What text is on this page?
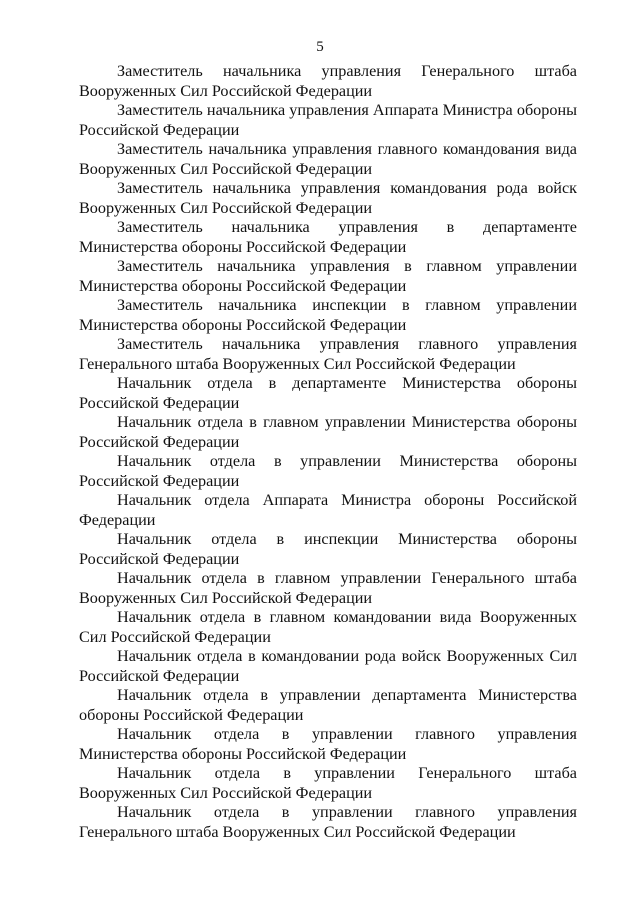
5

Заместитель начальника управления Генерального штаба Вооруженных Сил Российской Федерации

Заместитель начальника управления Аппарата Министра обороны Российской Федерации

Заместитель начальника управления главного командования вида Вооруженных Сил Российской Федерации

Заместитель начальника управления командования рода войск Вооруженных Сил Российской Федерации

Заместитель начальника управления в департаменте Министерства обороны Российской Федерации

Заместитель начальника управления в главном управлении Министерства обороны Российской Федерации

Заместитель начальника инспекции в главном управлении Министерства обороны Российской Федерации

Заместитель начальника управления главного управления Генерального штаба Вооруженных Сил Российской Федерации

Начальник отдела в департаменте Министерства обороны Российской Федерации

Начальник отдела в главном управлении Министерства обороны Российской Федерации

Начальник отдела в управлении Министерства обороны Российской Федерации

Начальник отдела Аппарата Министра обороны Российской Федерации

Начальник отдела в инспекции Министерства обороны Российской Федерации

Начальник отдела в главном управлении Генерального штаба Вооруженных Сил Российской Федерации

Начальник отдела в главном командовании вида Вооруженных Сил Российской Федерации

Начальник отдела в командовании рода войск Вооруженных Сил Российской Федерации

Начальник отдела в управлении департамента Министерства обороны Российской Федерации

Начальник отдела в управлении главного управления Министерства обороны Российской Федерации

Начальник отдела в управлении Генерального штаба Вооруженных Сил Российской Федерации

Начальник отдела в управлении главного управления Генерального штаба Вооруженных Сил Российской Федерации
